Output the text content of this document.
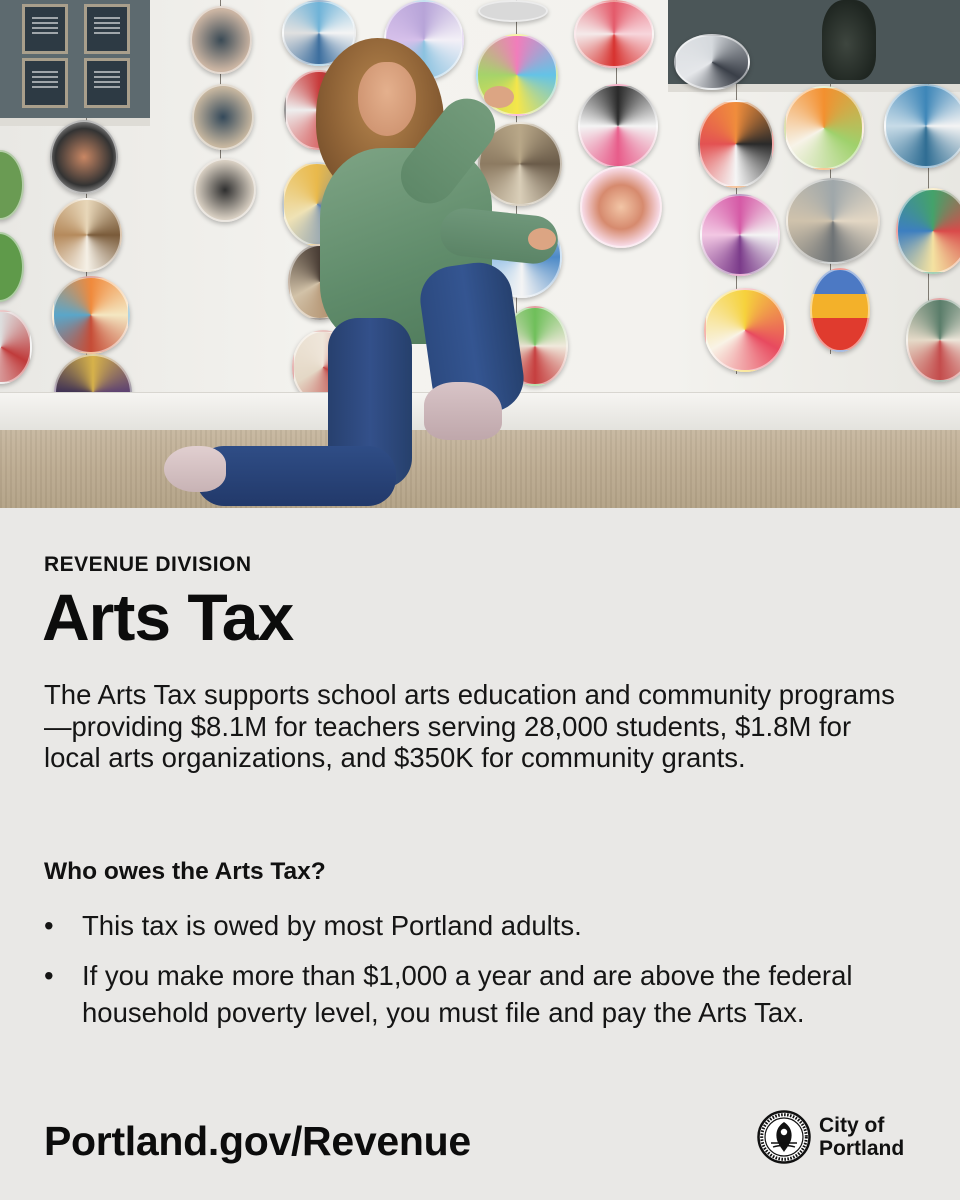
REVENUE DIVISION

Arts Tax

The Arts Tax supports school arts education and community programs—providing $8.1M for teachers serving 28,000 students, $1.8M for local arts organizations, and $350K for community grants.

Who owes the Arts Tax?
• This tax is owed by most Portland adults.
• If you make more than $1,000 a year and are above the federal household poverty level, you must file and pay the Arts Tax.
Portland.gov/Revenue	City of
Portland
